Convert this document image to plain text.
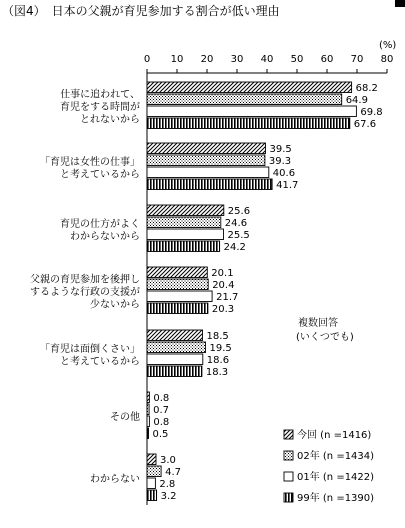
（図4）　日本の父親が育児参加する割合が低い理由
(%)
0 10 20 30 40 50 60 70 80
仕事に追われて、
育児をする時間が
とれないから
「育児は女性の仕事」
と考えているから
育児の仕方がよく
わからないから
父親の育児参加を後押し
するような行政の支援が
少ないから
「育児は面倒くさい」
と考えているから
その他
わからない
68.2
39.5
25.6
20.1
18.5
0.8
3.0
64.9
39.3
24.6
20.4
19.5
0.7
4.7
69.8
40.6
25.5
21.7
18.6
0.8
2.8
67.6
41.7
24.2
20.3
18.3
0.5
3.2
複数回答
(いくつでも)
今回 (n =1416)
02年 (n =1434)
01年 (n =1422)
99年 (n =1390)
